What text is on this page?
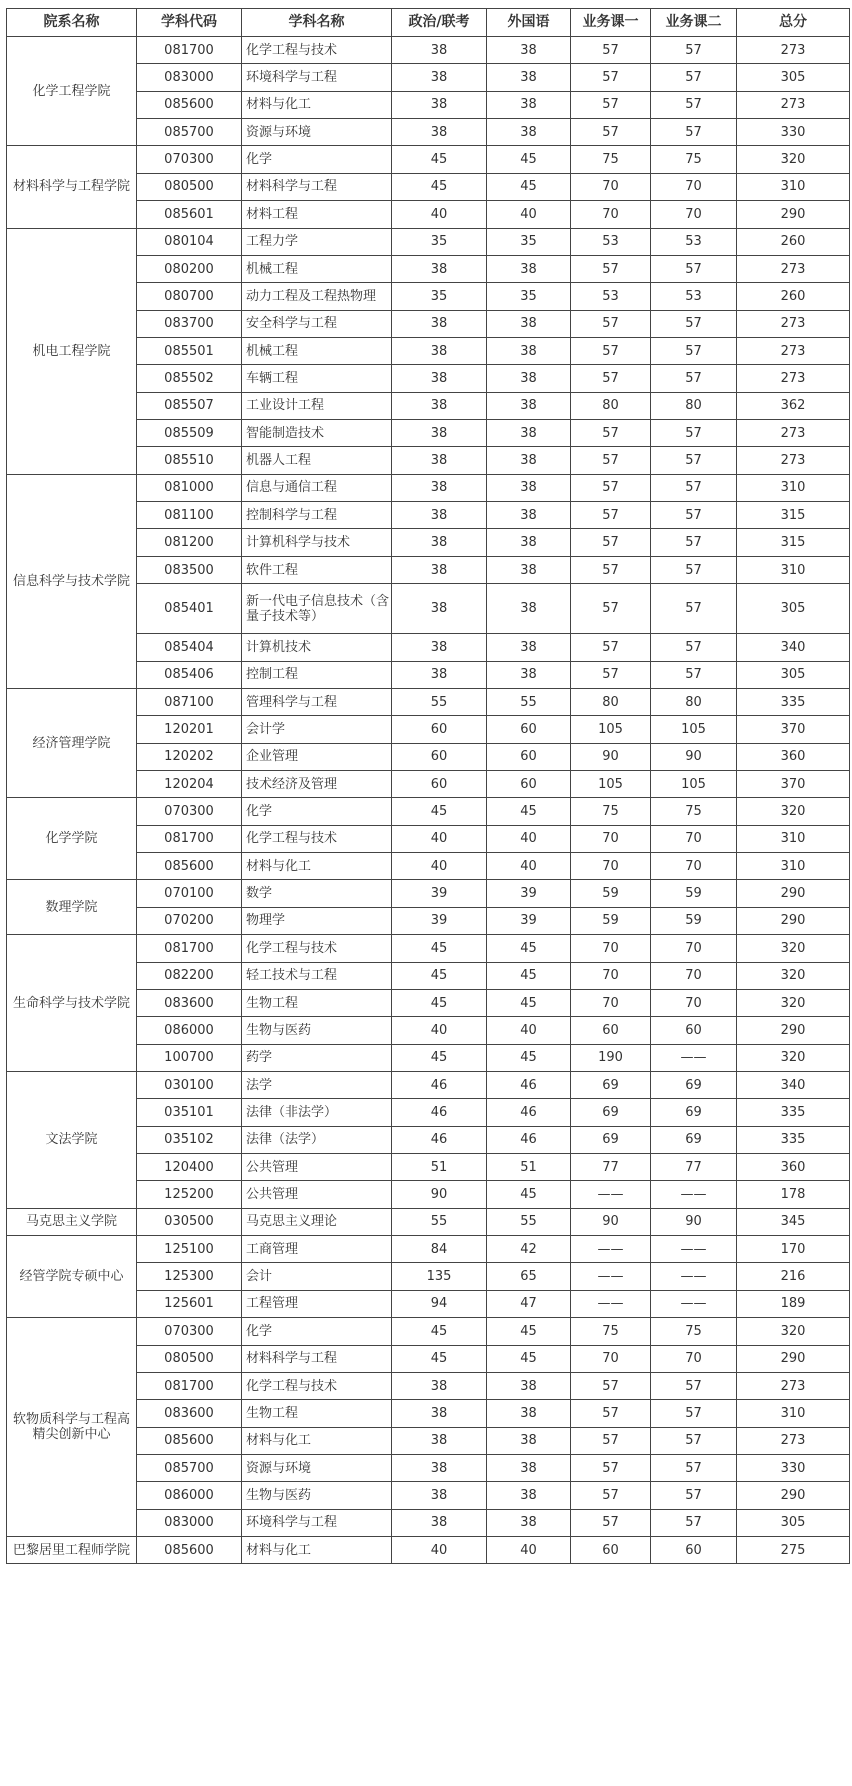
院系名称	学科代码	学科名称	政治/联考	外国语	业务课一	业务课二	总分
化学工程学院	081700	化学工程与技术	38	38	57	57	273
	083000	环境科学与工程	38	38	57	57	305
	085600	材料与化工	38	38	57	57	273
	085700	资源与环境	38	38	57	57	330
材料科学与工程学院	070300	化学	45	45	75	75	320
	080500	材料科学与工程	45	45	70	70	310
	085601	材料工程	40	40	70	70	290
机电工程学院	080104	工程力学	35	35	53	53	260
	080200	机械工程	38	38	57	57	273
	080700	动力工程及工程热物理	35	35	53	53	260
	083700	安全科学与工程	38	38	57	57	273
	085501	机械工程	38	38	57	57	273
	085502	车辆工程	38	38	57	57	273
	085507	工业设计工程	38	38	80	80	362
	085509	智能制造技术	38	38	57	57	273
	085510	机器人工程	38	38	57	57	273
信息科学与技术学院	081000	信息与通信工程	38	38	57	57	310
	081100	控制科学与工程	38	38	57	57	315
	081200	计算机科学与技术	38	38	57	57	315
	083500	软件工程	38	38	57	57	310
	085401	新一代电子信息技术（含量子技术等）	38	38	57	57	305
	085404	计算机技术	38	38	57	57	340
	085406	控制工程	38	38	57	57	305
经济管理学院	087100	管理科学与工程	55	55	80	80	335
	120201	会计学	60	60	105	105	370
	120202	企业管理	60	60	90	90	360
	120204	技术经济及管理	60	60	105	105	370
化学学院	070300	化学	45	45	75	75	320
	081700	化学工程与技术	40	40	70	70	310
	085600	材料与化工	40	40	70	70	310
数理学院	070100	数学	39	39	59	59	290
	070200	物理学	39	39	59	59	290
生命科学与技术学院	081700	化学工程与技术	45	45	70	70	320
	082200	轻工技术与工程	45	45	70	70	320
	083600	生物工程	45	45	70	70	320
	086000	生物与医药	40	40	60	60	290
	100700	药学	45	45	190	——	320
文法学院	030100	法学	46	46	69	69	340
	035101	法律（非法学）	46	46	69	69	335
	035102	法律（法学）	46	46	69	69	335
	120400	公共管理	51	51	77	77	360
	125200	公共管理	90	45	——	——	178
马克思主义学院	030500	马克思主义理论	55	55	90	90	345
经管学院专硕中心	125100	工商管理	84	42	——	——	170
	125300	会计	135	65	——	——	216
	125601	工程管理	94	47	——	——	189
软物质科学与工程高精尖创新中心	070300	化学	45	45	75	75	320
	080500	材料科学与工程	45	45	70	70	290
	081700	化学工程与技术	38	38	57	57	273
	083600	生物工程	38	38	57	57	310
	085600	材料与化工	38	38	57	57	273
	085700	资源与环境	38	38	57	57	330
	086000	生物与医药	38	38	57	57	290
	083000	环境科学与工程	38	38	57	57	305
巴黎居里工程师学院	085600	材料与化工	40	40	60	60	275
